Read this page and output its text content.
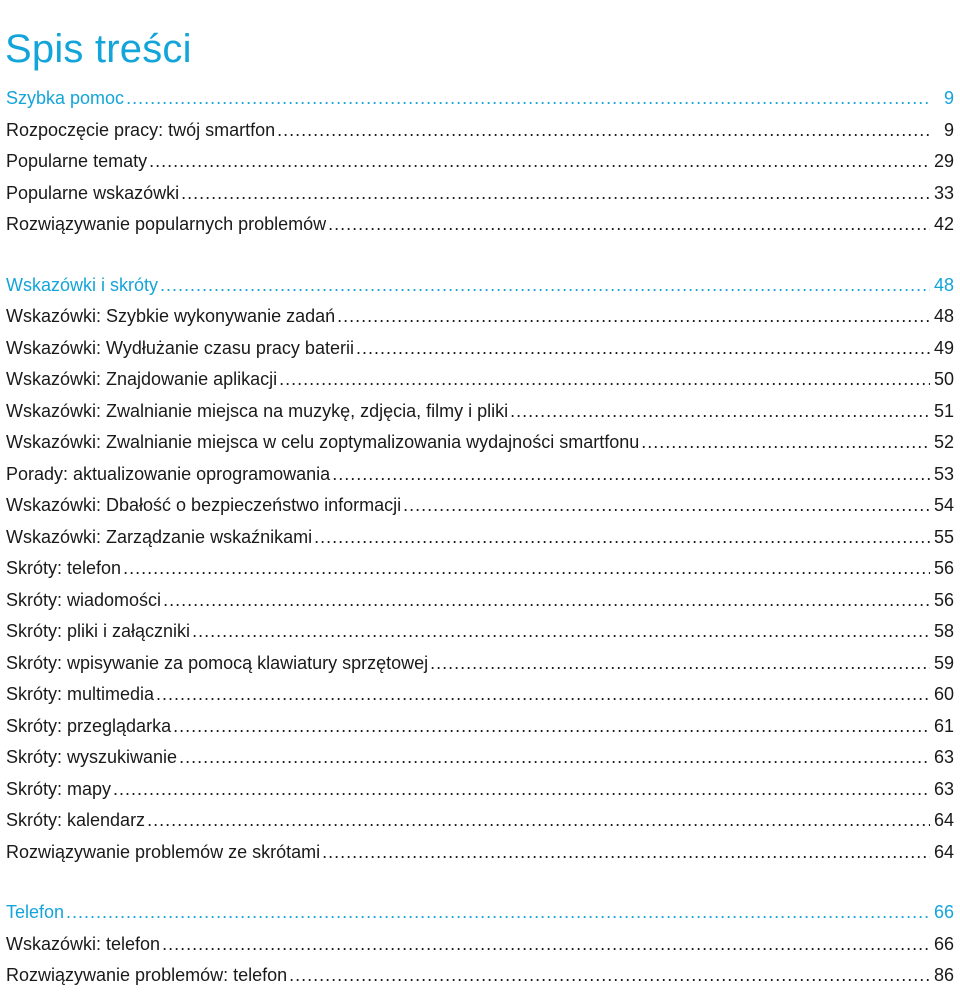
Spis treści
Szybka pomoc .....	9
Rozpoczęcie pracy: twój smartfon .....	9
Popularne tematy .....	29
Popularne wskazówki .....	33
Rozwiązywanie popularnych problemów .....	42
Wskazówki i skróty .....	48
Wskazówki: Szybkie wykonywanie zadań .....	48
Wskazówki: Wydłużanie czasu pracy baterii .....	49
Wskazówki: Znajdowanie aplikacji .....	50
Wskazówki: Zwalnianie miejsca na muzykę, zdjęcia, filmy i pliki .....	51
Wskazówki: Zwalnianie miejsca w celu zoptymalizowania wydajności smartfonu .....	52
Porady: aktualizowanie oprogramowania .....	53
Wskazówki: Dbałość o bezpieczeństwo informacji .....	54
Wskazówki: Zarządzanie wskaźnikami .....	55
Skróty: telefon .....	56
Skróty: wiadomości .....	56
Skróty: pliki i załączniki .....	58
Skróty: wpisywanie za pomocą klawiatury sprzętowej .....	59
Skróty: multimedia .....	60
Skróty: przeglądarka .....	61
Skróty: wyszukiwanie .....	63
Skróty: mapy .....	63
Skróty: kalendarz .....	64
Rozwiązywanie problemów ze skrótami .....	64
Telefon .....	66
Wskazówki: telefon .....	66
Rozwiązywanie problemów: telefon .....	86
